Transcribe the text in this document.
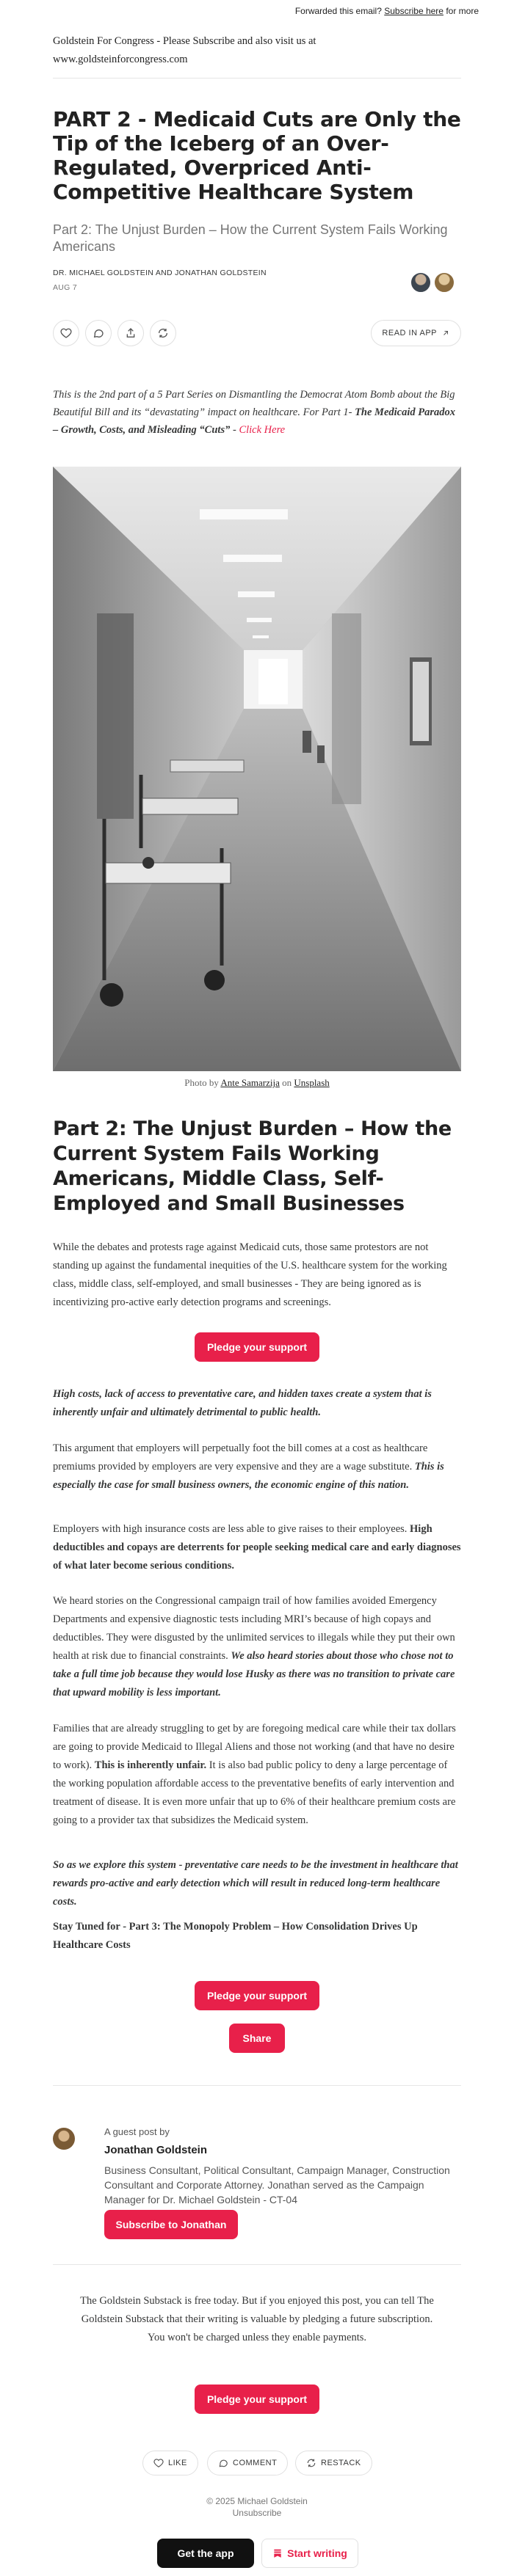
Forwarded this email? Subscribe here for more
Goldstein For Congress - Please Subscribe and also visit us at www.goldsteinforcongress.com
PART 2 - Medicaid Cuts are Only the Tip of the Iceberg of an Over-Regulated, Overpriced Anti-Competitive Healthcare System
Part 2: The Unjust Burden – How the Current System Fails Working Americans
DR. MICHAEL GOLDSTEIN AND JONATHAN GOLDSTEIN
AUG 7
READ IN APP
This is the 2nd part of a 5 Part Series on Dismantling the Democrat Atom Bomb about the Big Beautiful Bill and its “devastating” impact on healthcare. For Part 1- The Medicaid Paradox – Growth, Costs, and Misleading “Cuts” - Click Here
Photo by Ante Samarzija on Unsplash
Part 2: The Unjust Burden – How the Current System Fails Working Americans, Middle Class, Self-Employed and Small Businesses
While the debates and protests rage against Medicaid cuts, those same protestors are not standing up against the fundamental inequities of the U.S. healthcare system for the working class, middle class, self-employed, and small businesses - They are being ignored as is incentivizing pro-active early detection programs and screenings.
Pledge your support
High costs, lack of access to preventative care, and hidden taxes create a system that is inherently unfair and ultimately detrimental to public health.
This argument that employers will perpetually foot the bill comes at a cost as healthcare premiums provided by employers are very expensive and they are a wage substitute. This is especially the case for small business owners, the economic engine of this nation.
Employers with high insurance costs are less able to give raises to their employees. High deductibles and copays are deterrents for people seeking medical care and early diagnoses of what later become serious conditions.
We heard stories on the Congressional campaign trail of how families avoided Emergency Departments and expensive diagnostic tests including MRI’s because of high copays and deductibles. They were disgusted by the unlimited services to illegals while they put their own health at risk due to financial constraints. We also heard stories about those who chose not to take a full time job because they would lose Husky as there was no transition to private care that upward mobility is less important.
Families that are already struggling to get by are foregoing medical care while their tax dollars are going to provide Medicaid to Illegal Aliens and those not working (and that have no desire to work). This is inherently unfair. It is also bad public policy to deny a large percentage of the working population affordable access to the preventative benefits of early intervention and treatment of disease. It is even more unfair that up to 6% of their healthcare premium costs are going to a provider tax that subsidizes the Medicaid system.
So as we explore this system - preventative care needs to be the investment in healthcare that rewards pro-active and early detection which will result in reduced long-term healthcare costs.
Stay Tuned for - Part 3: The Monopoly Problem – How Consolidation Drives Up Healthcare Costs
Pledge your support
Share
A guest post by
Jonathan Goldstein
Business Consultant, Political Consultant, Campaign Manager, Construction Consultant and Corporate Attorney. Jonathan served as the Campaign Manager for Dr. Michael Goldstein - CT-04
Subscribe to Jonathan
The Goldstein Substack is free today. But if you enjoyed this post, you can tell The Goldstein Substack that their writing is valuable by pledging a future subscription. You won't be charged unless they enable payments.
Pledge your support
LIKE	COMMENT	RESTACK
© 2025 Michael Goldstein
Unsubscribe
Get the app	Start writing
